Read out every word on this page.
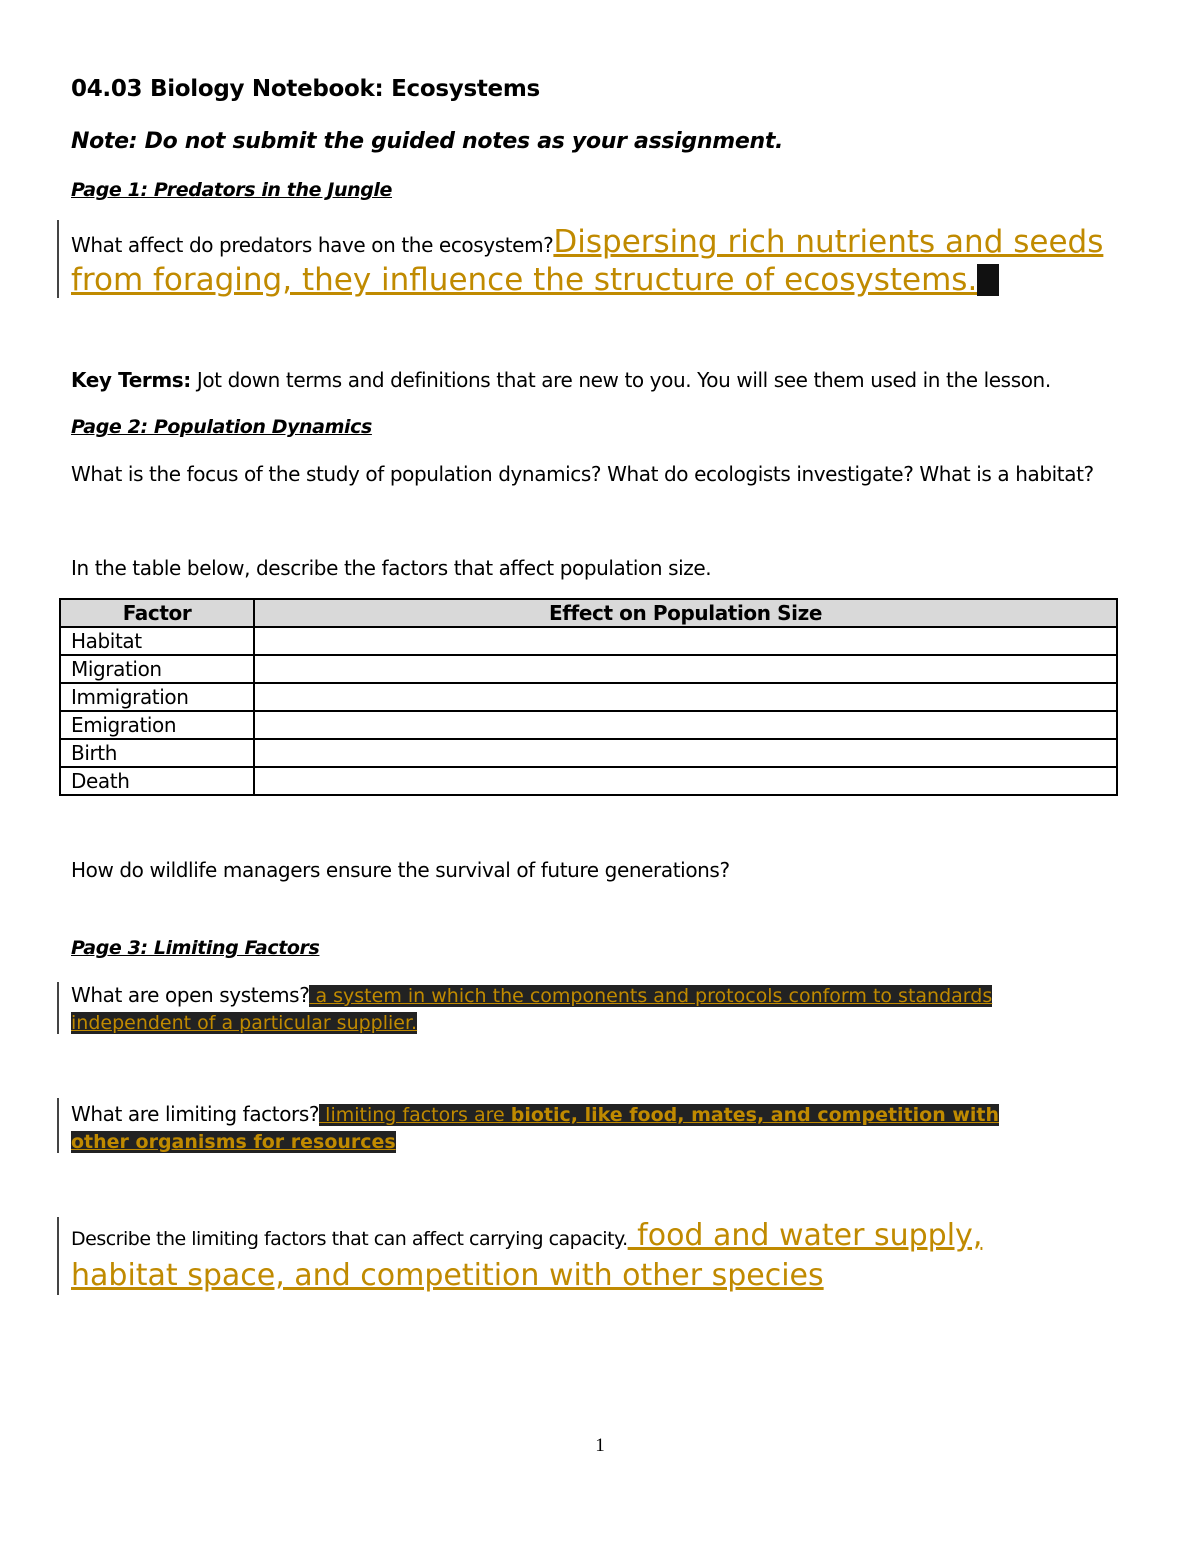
04.03 Biology Notebook: Ecosystems
Note: Do not submit the guided notes as your assignment.
Page 1: Predators in the Jungle
What affect do predators have on the ecosystem?Dispersing rich nutrients and seeds
from foraging, they influence the structure of ecosystems.
Key Terms: Jot down terms and definitions that are new to you. You will see them used in the lesson.
Page 2: Population Dynamics
What is the focus of the study of population dynamics? What do ecologists investigate? What is a habitat?
In the table below, describe the factors that affect population size.
Factor	Effect on Population Size
Habitat	
Migration	
Immigration	
Emigration	
Birth	
Death	
How do wildlife managers ensure the survival of future generations?
Page 3: Limiting Factors
What are open systems? a system in which the components and protocols conform to standards
independent of a particular supplier.
What are limiting factors? limiting factors are biotic, like food, mates, and competition with
other organisms for resources
Describe the limiting factors that can affect carrying capacity. food and water supply,
habitat space, and competition with other species
1
